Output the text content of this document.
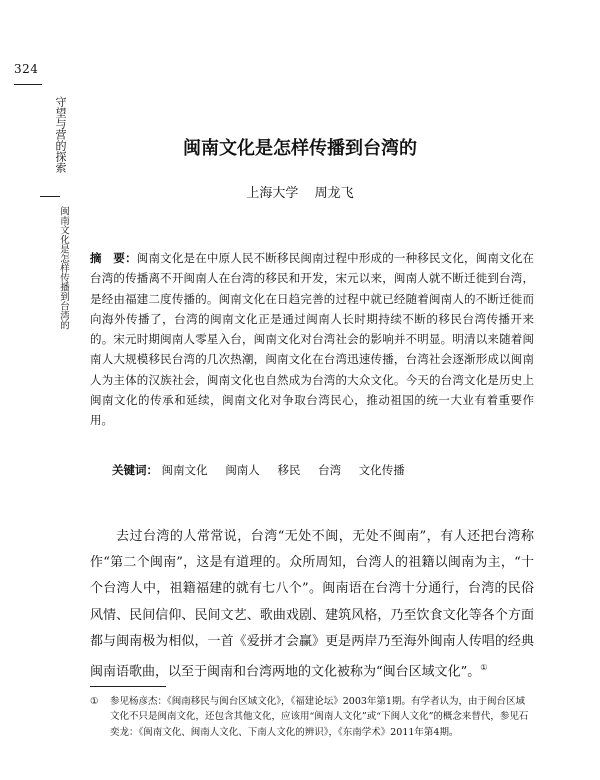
324
守望与营的探索
闽南文化是怎样传播到台湾的
闽南文化是怎样传播到台湾的
上海大学 周龙飞
摘　要：闽南文化是在中原人民不断移民闽南过程中形成的一种移民文化，闽南文化在台湾的传播离不开闽南人在台湾的移民和开发，宋元以来，闽南人就不断迁徙到台湾，是经由福建二度传播的。闽南文化在日趋完善的过程中就已经随着闽南人的不断迁徙而向海外传播了，台湾的闽南文化正是通过闽南人长时期持续不断的移民台湾传播开来的。宋元时期闽南人零星入台，闽南文化对台湾社会的影响并不明显。明清以来随着闽南人大规模移民台湾的几次热潮，闽南文化在台湾迅速传播，台湾社会逐渐形成以闽南人为主体的汉族社会，闽南文化也自然成为台湾的大众文化。今天的台湾文化是历史上闽南文化的传承和延续，闽南文化对争取台湾民心，推动祖国的统一大业有着重要作用。
关键词： 闽南文化 闽南人 移民 台湾 文化传播
去过台湾的人常常说，台湾“无处不闽，无处不闽南”，有人还把台湾称作“第二个闽南”，这是有道理的。众所周知，台湾人的祖籍以闽南为主，“十个台湾人中，祖籍福建的就有七八个”。闽南语在台湾十分通行，台湾的民俗风情、民间信仰、民间文艺、歌曲戏剧、建筑风格，乃至饮食文化等各个方面都与闽南极为相似，一首《爱拼才会赢》更是两岸乃至海外闽南人传唱的经典闽南语歌曲，以至于闽南和台湾两地的文化被称为“闽台区域文化”。①
① 参见杨彦杰：《闽南移民与闽台区域文化》，《福建论坛》2003年第1期。有学者认为，由于闽台区域文化不只是闽南文化，还包含其他文化，应该用“闽南人文化”或“下闽人文化”的概念来替代，参见石奕龙：《闽南文化、闽南人文化、下南人文化的辨识》，《东南学术》2011年第4期。
